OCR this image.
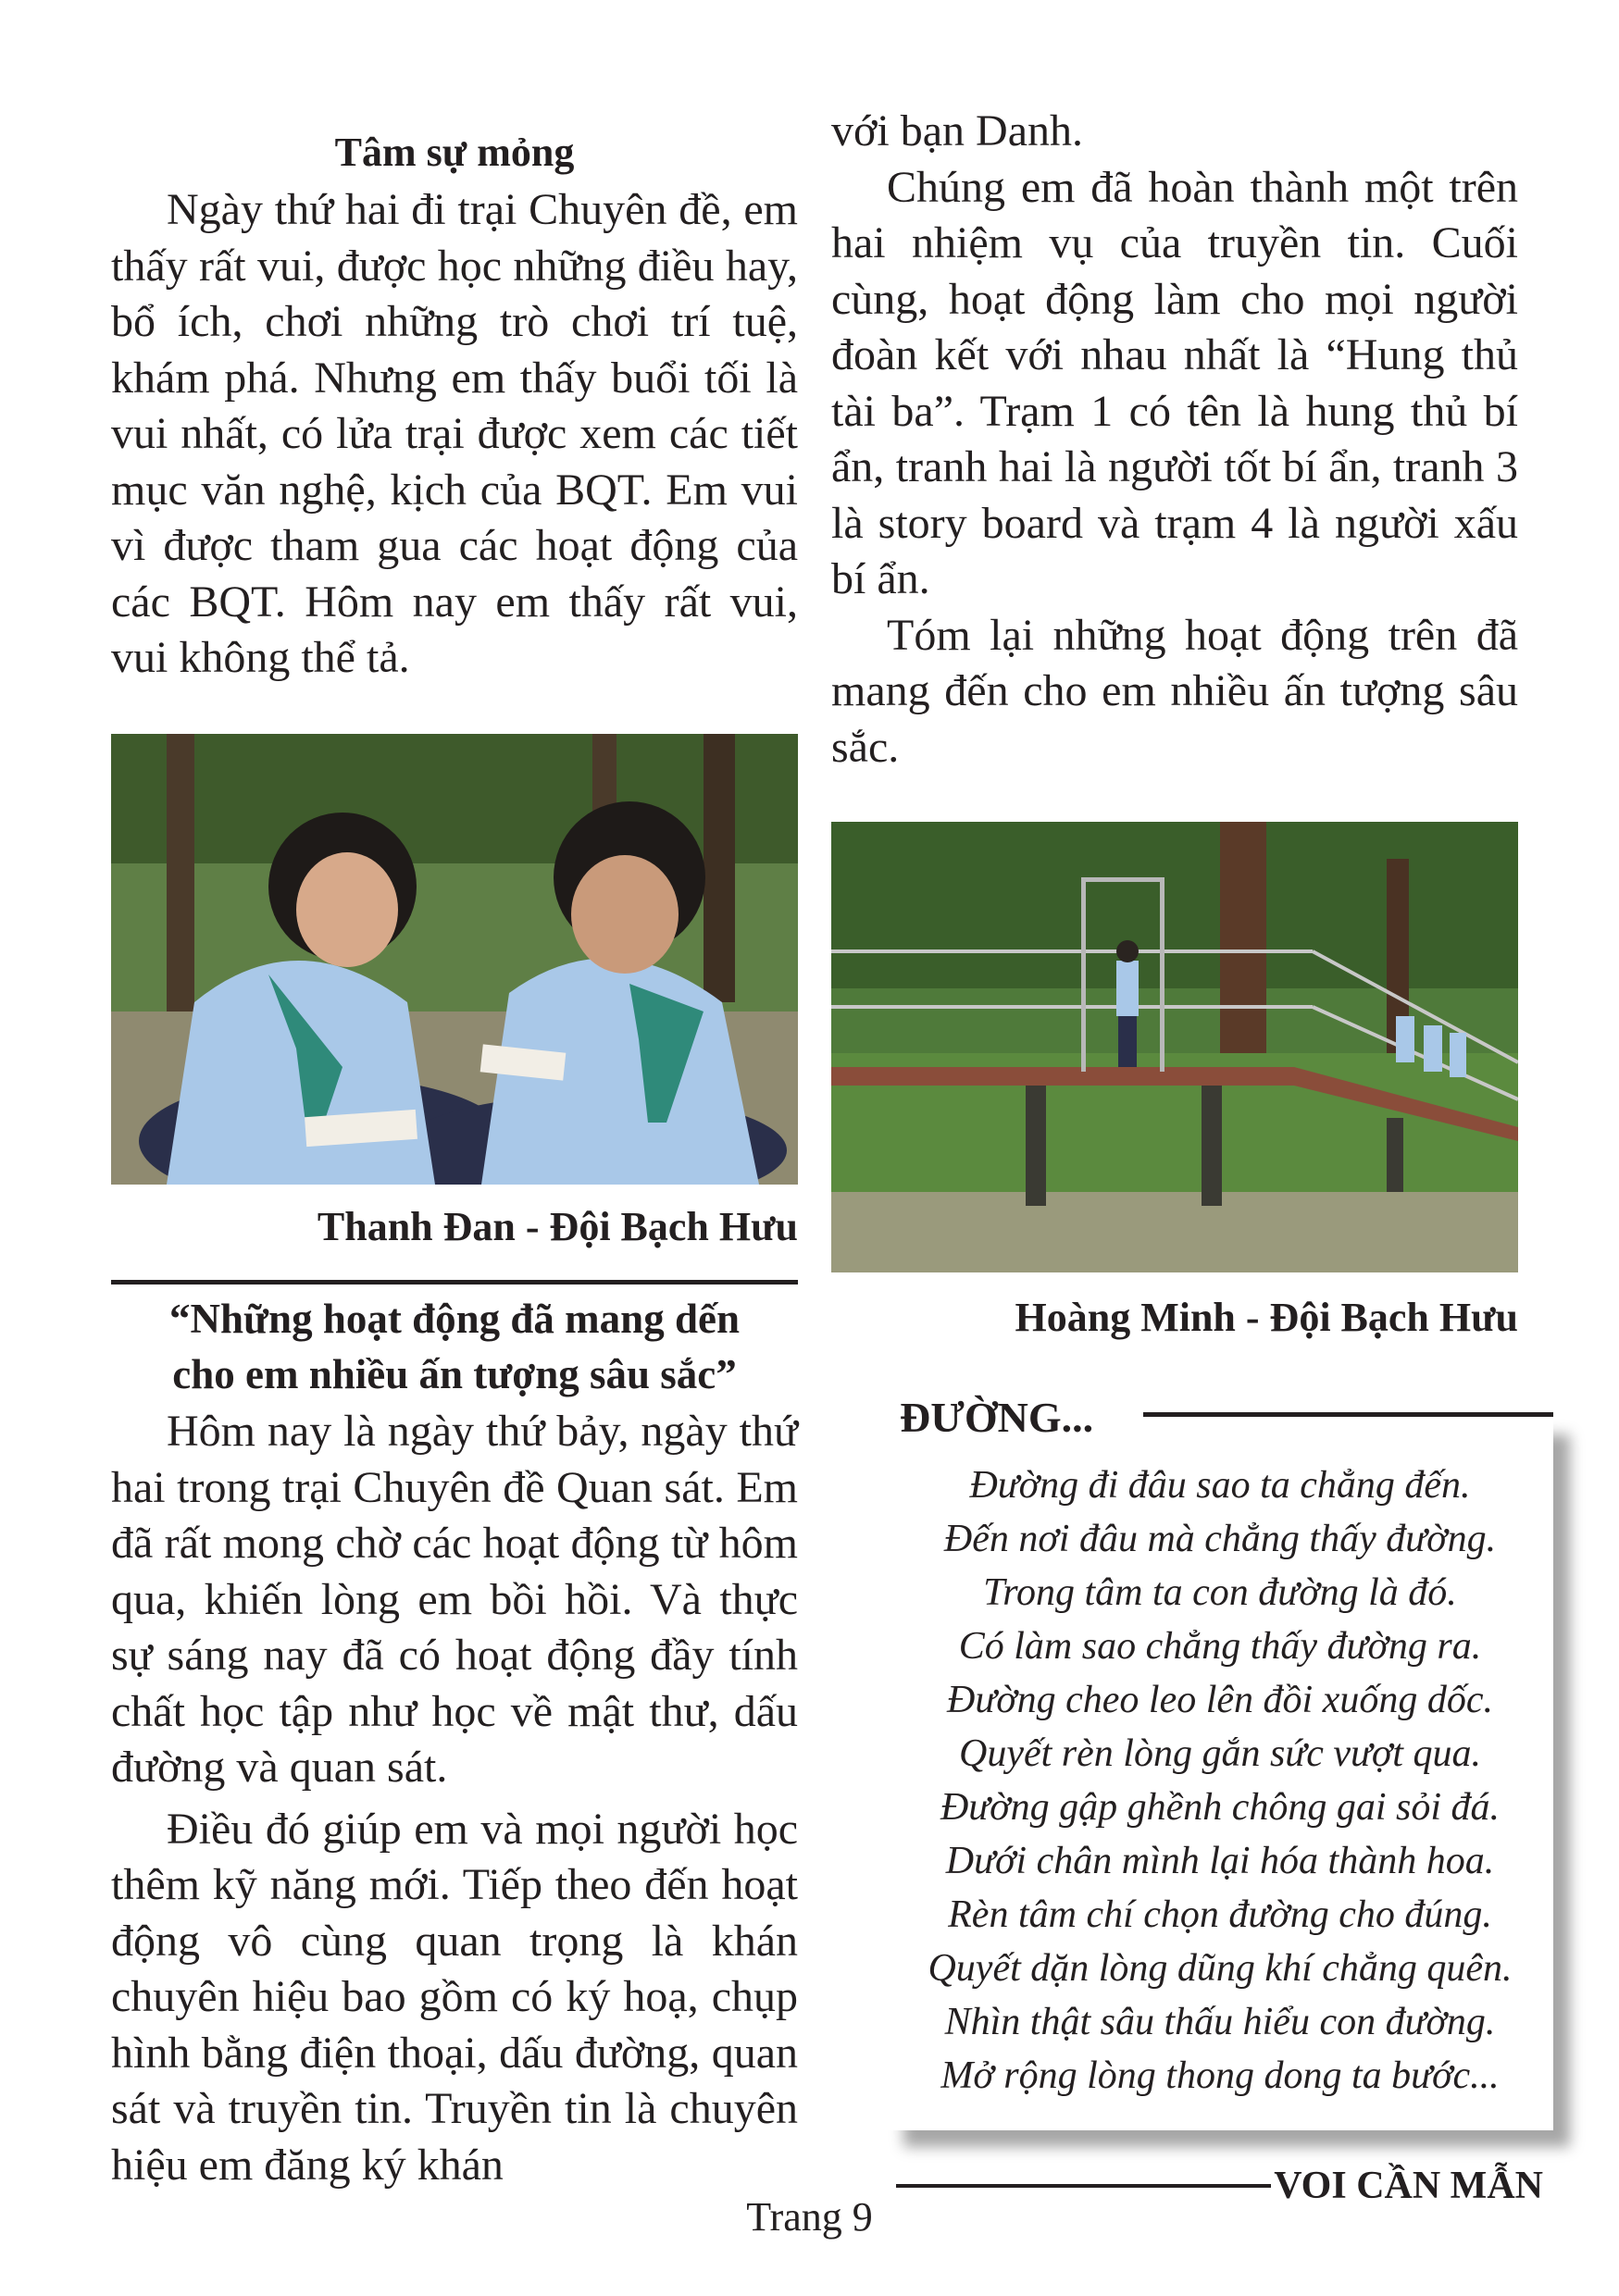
Tâm sự mỏng

Ngày thứ hai đi trại Chuyên đề, em thấy rất vui, được học những điều hay, bổ ích, chơi những trò chơi trí tuệ, khám phá. Nhưng em thấy buổi tối là vui nhất, có lửa trại được xem các tiết mục văn nghệ, kịch của BQT. Em vui vì được tham gua các hoạt động của các BQT. Hôm nay em thấy rất vui, vui không thể tả.

Thanh Đan - Đội Bạch Hưu
“Những hoạt động đã mang dến
cho em nhiều ấn tượng sâu sắc”

Hôm nay là ngày thứ bảy, ngày thứ hai trong trại Chuyên đề Quan sát. Em đã rất mong chờ các hoạt động từ hôm qua, khiến lòng em bồi hồi. Và thực sự sáng nay đã có hoạt động đầy tính chất học tập như học về mật thư, dấu đường và quan sát.

Điều đó giúp em và mọi người học thêm kỹ năng mới. Tiếp theo đến hoạt động vô cùng quan trọng là khán chuyên hiệu bao gồm có ký hoạ, chụp hình bằng điện thoại, dấu đường, quan sát và truyền tin. Truyền tin là chuyên hiệu em đăng ký khán

với bạn Danh.

Chúng em đã hoàn thành một trên hai nhiệm vụ của truyền tin. Cuối cùng, hoạt động làm cho mọi người đoàn kết với nhau nhất là “Hung thủ tài ba”. Trạm 1 có tên là hung thủ bí ẩn, tranh hai là người tốt bí ẩn, tranh 3 là story board và trạm 4 là người xấu bí ẩn.

Tóm lại những hoạt động trên đã mang đến cho em nhiều ấn tượng sâu sắc.

Hoàng Minh - Đội Bạch Hưu
ĐƯỜNG...
Đường đi đâu sao ta chẳng đến.
Đến nơi đâu mà chẳng thấy đường.
Trong tâm ta con đường là đó.
Có làm sao chẳng thấy đường ra.
Đường cheo leo lên đồi xuống dốc.
Quyết rèn lòng gắn sức vượt qua.
Đường gập ghềnh chông gai sỏi đá.
Dưới chân mình lại hóa thành hoa.
Rèn tâm chí chọn đường cho đúng.
Quyết dặn lòng dũng khí chẳng quên.
Nhìn thật sâu thấu hiểu con đường.
Mở rộng lòng thong dong ta bước...
VOI CẦN MẪN
Trang 9
